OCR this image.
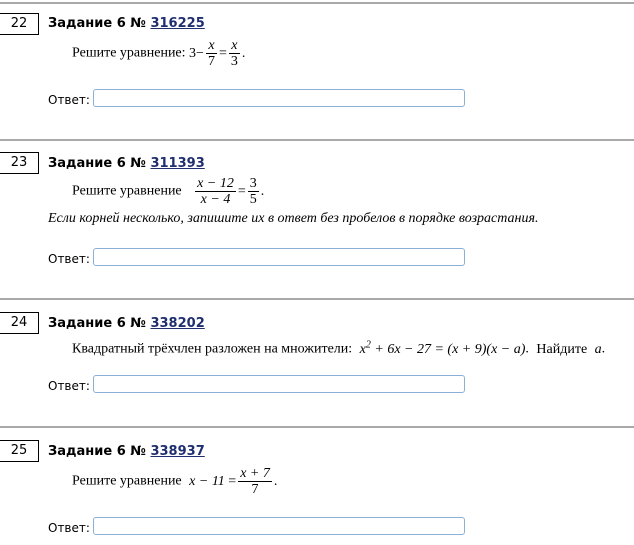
22	Задание 6 № 316225
Решите уравнение: $3- \frac{x}{7} = \frac{x}{3}$ .
Ответ:
23	Задание 6 № 311393
Решите уравнение $\frac{x - 12}{x - 4} = \frac{3}{5}$ .
Если корней несколько, запишите их в ответ без пробелов в порядке возрастания.
Ответ:
24	Задание 6 № 338202
Квадратный трёхчлен разложен на множители: $x^2 + 6x - 27 = (x + 9)(x - a)$. Найдите a.
Ответ:
25	Задание 6 № 338937
Решите уравнение $x - 11 = \frac{x + 7}{7}$ .
Ответ:
